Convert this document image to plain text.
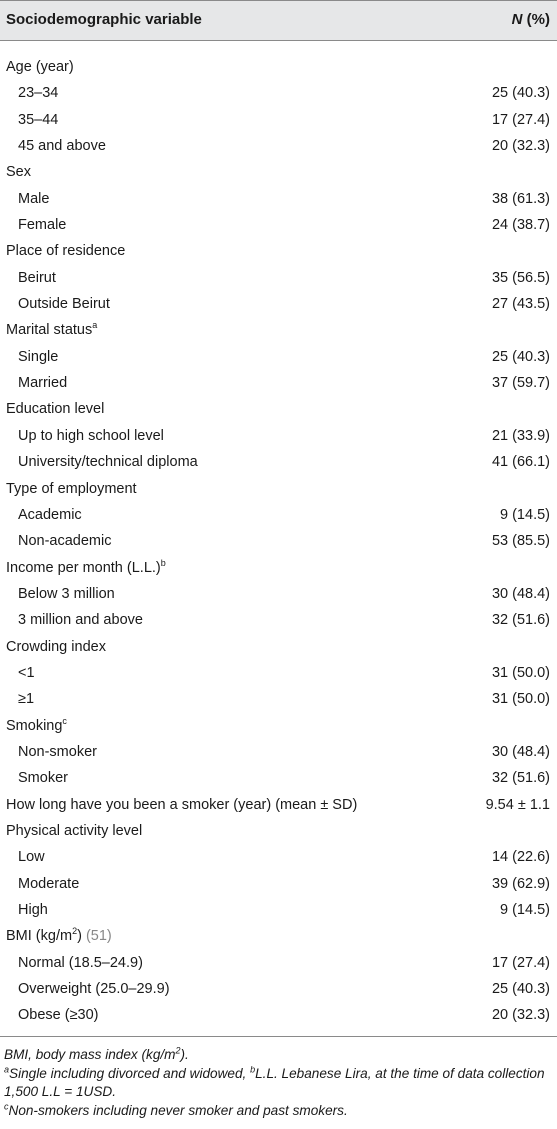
Sociodemographic variable	N (%)
Age (year)
23–34	25 (40.3)
35–44	17 (27.4)
45 and above	20 (32.3)
Sex
Male	38 (61.3)
Female	24 (38.7)
Place of residence
Beirut	35 (56.5)
Outside Beirut	27 (43.5)
Marital status$^a$
Single	25 (40.3)
Married	37 (59.7)
Education level
Up to high school level	21 (33.9)
University/technical diploma	41 (66.1)
Type of employment
Academic	9 (14.5)
Non-academic	53 (85.5)
Income per month $(L.L.)^b$
Below 3 million	30 (48.4)
3 million and above	32 (51.6)
Crowding index
<1	31 (50.0)
≥1	31 (50.0)
Smoking$^c$
Non-smoker	30 (48.4)
Smoker	32 (51.6)
How long have you been a smoker (year) (mean ± SD)	9.54 ± 1.1
Physical activity level
Low	14 (22.6)
Moderate	39 (62.9)
High	9 (14.5)
BMI $(kg/m^2)$ (51)
Normal (18.5–24.9)	17 (27.4)
Overweight (25.0–29.9)	25 (40.3)
Obese (≥30)	20 (32.3)

BMI, body mass index $(kg/m^2)$.

$^a$Single including divorced and widowed, $^b$L.L. Lebanese Lira, at the time of data collection 1,500 L.L = 1USD.

$^c$Non-smokers including never smoker and past smokers.
